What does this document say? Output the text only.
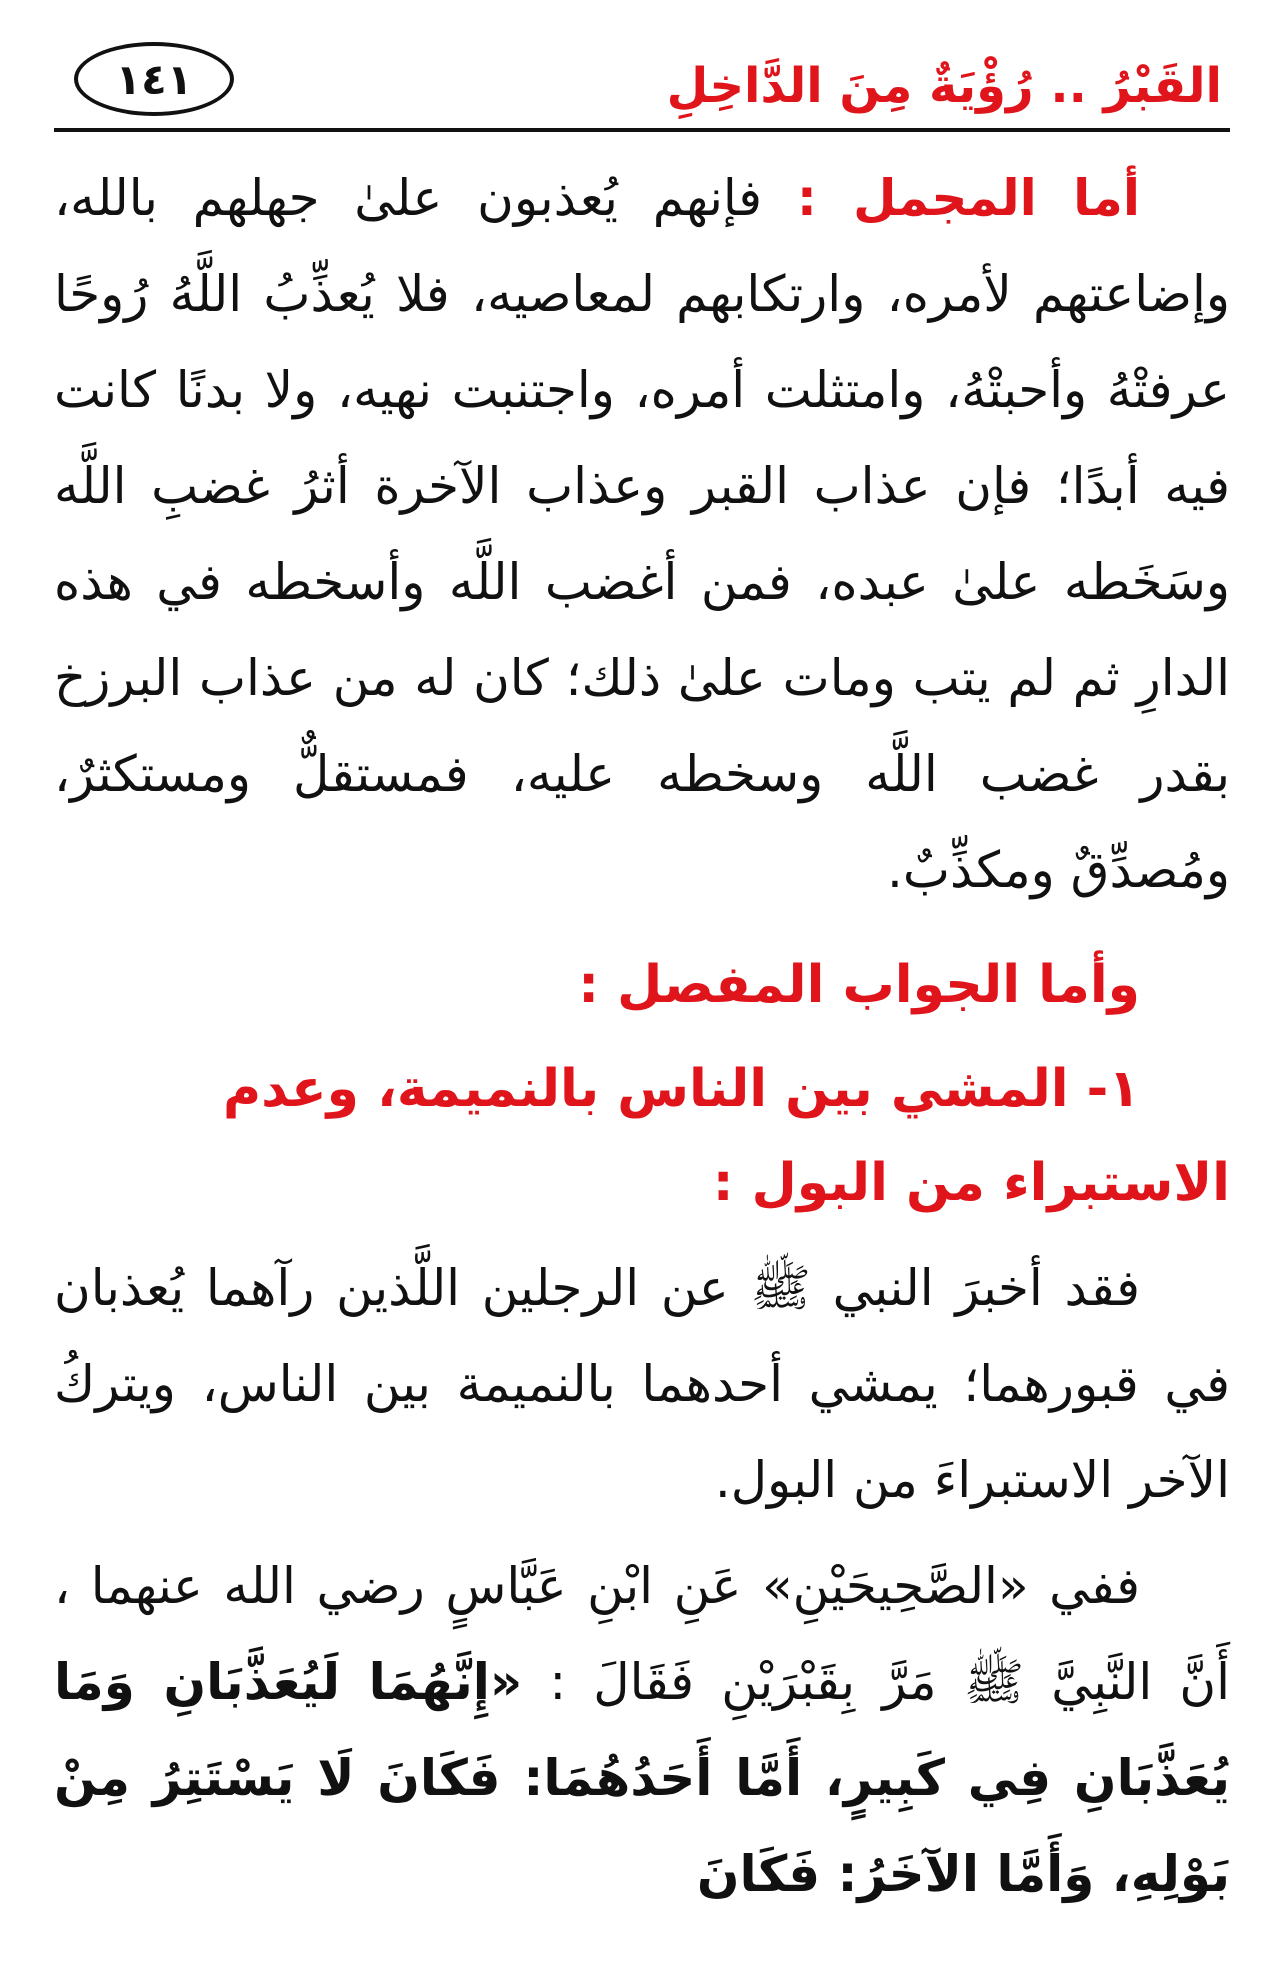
القَبْرُ .. رُؤْيَةٌ مِنَ الدَّاخِلِ
١٤١

أما المجمل : فإنهم يُعذبون علىٰ جهلهم بالله، وإضاعتهم لأمره، وارتكابهم لمعاصيه، فلا يُعذِّبُ اللَّهُ رُوحًا عرفتْهُ وأحبتْهُ، وامتثلت أمره، واجتنبت نهيه، ولا بدنًا كانت فيه أبدًا؛ فإن عذاب القبر وعذاب الآخرة أثرُ غضبِ اللَّه وسَخَطه علىٰ عبده، فمن أغضب اللَّه وأسخطه في هذه الدارِ ثم لم يتب ومات علىٰ ذلك؛ كان له من عذاب البرزخ بقدر غضب اللَّه وسخطه عليه، فمستقلٌّ ومستكثرٌ، ومُصدِّقٌ ومكذِّبٌ.

وأما الجواب المفصل :

١- المشي بين الناس بالنميمة، وعدم الاستبراء من البول :

فقد أخبرَ النبي ﷺ عن الرجلين اللَّذين رآهما يُعذبان في قبورهما؛ يمشي أحدهما بالنميمة بين الناس، ويتركُ الآخر الاستبراءَ من البول.

ففي «الصَّحِيحَيْنِ» عَنِ ابْنِ عَبَّاسٍ رضي الله عنهما ، أَنَّ النَّبِيَّ ﷺ مَرَّ بِقَبْرَيْنِ فَقَالَ : «إِنَّهُمَا لَيُعَذَّبَانِ وَمَا يُعَذَّبَانِ فِي كَبِيرٍ، أَمَّا أَحَدُهُمَا: فَكَانَ لَا يَسْتَتِرُ مِنْ بَوْلِهِ، وَأَمَّا الآخَرُ: فَكَانَ
